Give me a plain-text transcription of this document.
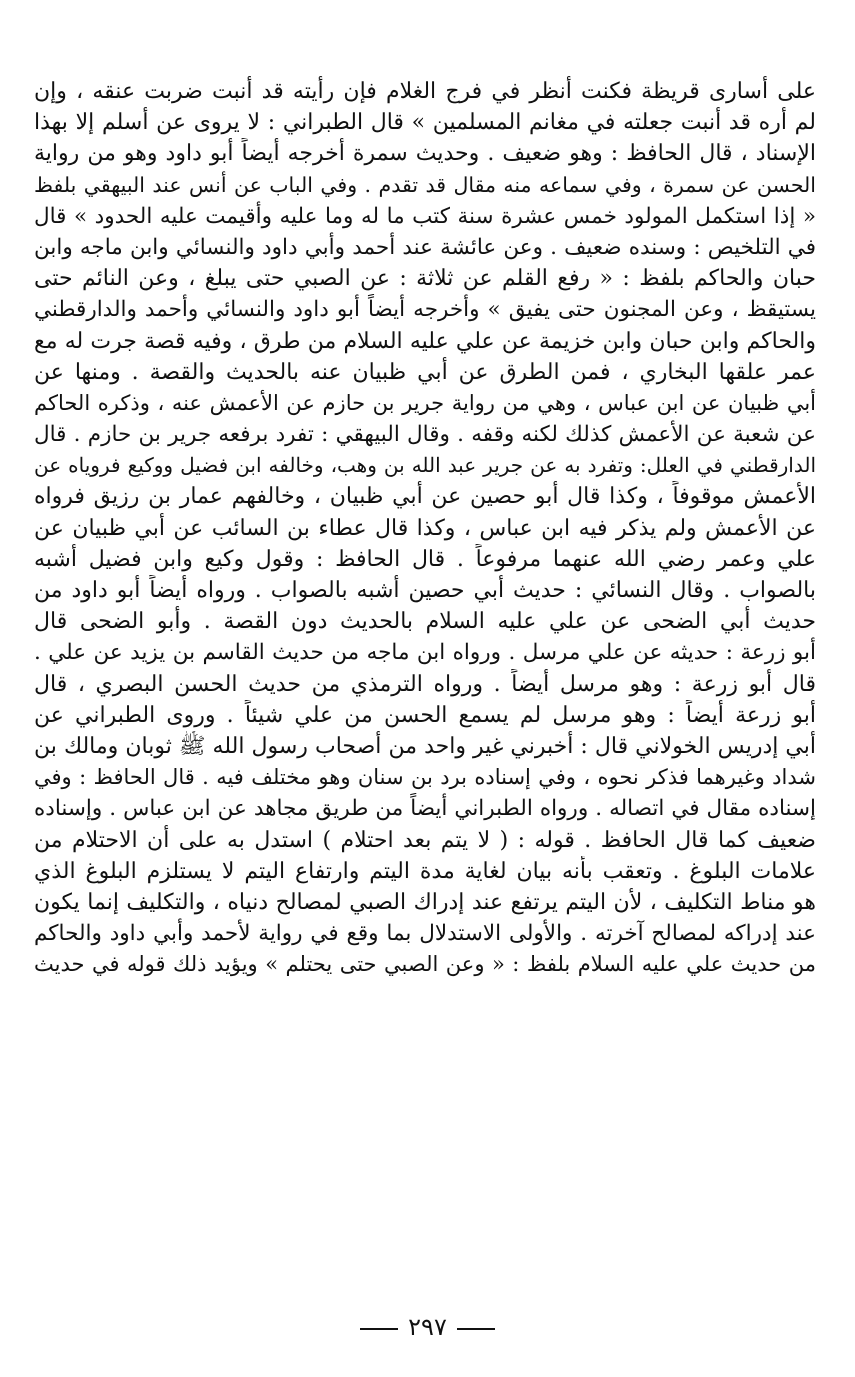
على أسارى قريظة فكنت أنظر في فرج الغلام فإن رأيته قد أنبت ضربت عنقه ، وإن
لم أره قد أنبت جعلته في مغانم المسلمين » قال الطبراني : لا يروى عن أسلم إلا بهذا
الإسناد ، قال الحافظ : وهو ضعيف . وحديث سمرة أخرجه أيضاً أبو داود وهو من رواية
الحسن عن سمرة ، وفي سماعه منه مقال قد تقدم . وفي الباب عن أنس عند البيهقي بلفظ
« إذا استكمل المولود خمس عشرة سنة كتب ما له وما عليه وأقيمت عليه الحدود » قال
في التلخيص : وسنده ضعيف . وعن عائشة عند أحمد وأبي داود والنسائي وابن ماجه وابن
حبان والحاكم بلفظ : « رفع القلم عن ثلاثة : عن الصبي حتى يبلغ ، وعن النائم حتى
يستيقظ ، وعن المجنون حتى يفيق » وأخرجه أيضاً أبو داود والنسائي وأحمد والدارقطني
والحاكم وابن حبان وابن خزيمة عن علي عليه السلام من طرق ، وفيه قصة جرت له مع
عمر علقها البخاري ، فمن الطرق عن أبي ظبيان عنه بالحديث والقصة . ومنها عن
أبي ظبيان عن ابن عباس ، وهي من رواية جرير بن حازم عن الأعمش عنه ، وذكره الحاكم
عن شعبة عن الأعمش كذلك لكنه وقفه . وقال البيهقي : تفرد برفعه جرير بن حازم . قال
الدارقطني في العلل: وتفرد به عن جرير عبد الله بن وهب، وخالفه ابن فضيل ووكيع فروياه عن
الأعمش موقوفاً ، وكذا قال أبو حصين عن أبي ظبيان ، وخالفهم عمار بن رزيق فرواه
عن الأعمش ولم يذكر فيه ابن عباس ، وكذا قال عطاء بن السائب عن أبي ظبيان عن
علي وعمر رضي الله عنهما مرفوعاً . قال الحافظ : وقول وكيع وابن فضيل أشبه
بالصواب . وقال النسائي : حديث أبي حصين أشبه بالصواب . ورواه أيضاً أبو داود من
حديث أبي الضحى عن علي عليه السلام بالحديث دون القصة . وأبو الضحى قال
أبو زرعة : حديثه عن علي مرسل . ورواه ابن ماجه من حديث القاسم بن يزيد عن علي .
قال أبو زرعة : وهو مرسل أيضاً . ورواه الترمذي من حديث الحسن البصري ، قال
أبو زرعة أيضاً : وهو مرسل لم يسمع الحسن من علي شيئاً . وروى الطبراني عن
أبي إدريس الخولاني قال : أخبرني غير واحد من أصحاب رسول الله ﷺ ثوبان ومالك بن
شداد وغيرهما فذكر نحوه ، وفي إسناده برد بن سنان وهو مختلف فيه . قال الحافظ : وفي
إسناده مقال في اتصاله . ورواه الطبراني أيضاً من طريق مجاهد عن ابن عباس . وإسناده
ضعيف كما قال الحافظ . قوله : ( لا يتم بعد احتلام ) استدل به على أن الاحتلام من
علامات البلوغ . وتعقب بأنه بيان لغاية مدة اليتم وارتفاع اليتم لا يستلزم البلوغ الذي
هو مناط التكليف ، لأن اليتم يرتفع عند إدراك الصبي لمصالح دنياه ، والتكليف إنما يكون
عند إدراكه لمصالح آخرته . والأولى الاستدلال بما وقع في رواية لأحمد وأبي داود والحاكم
من حديث علي عليه السلام بلفظ : « وعن الصبي حتى يحتلم » ويؤيد ذلك قوله في حديث
٢٩٧
